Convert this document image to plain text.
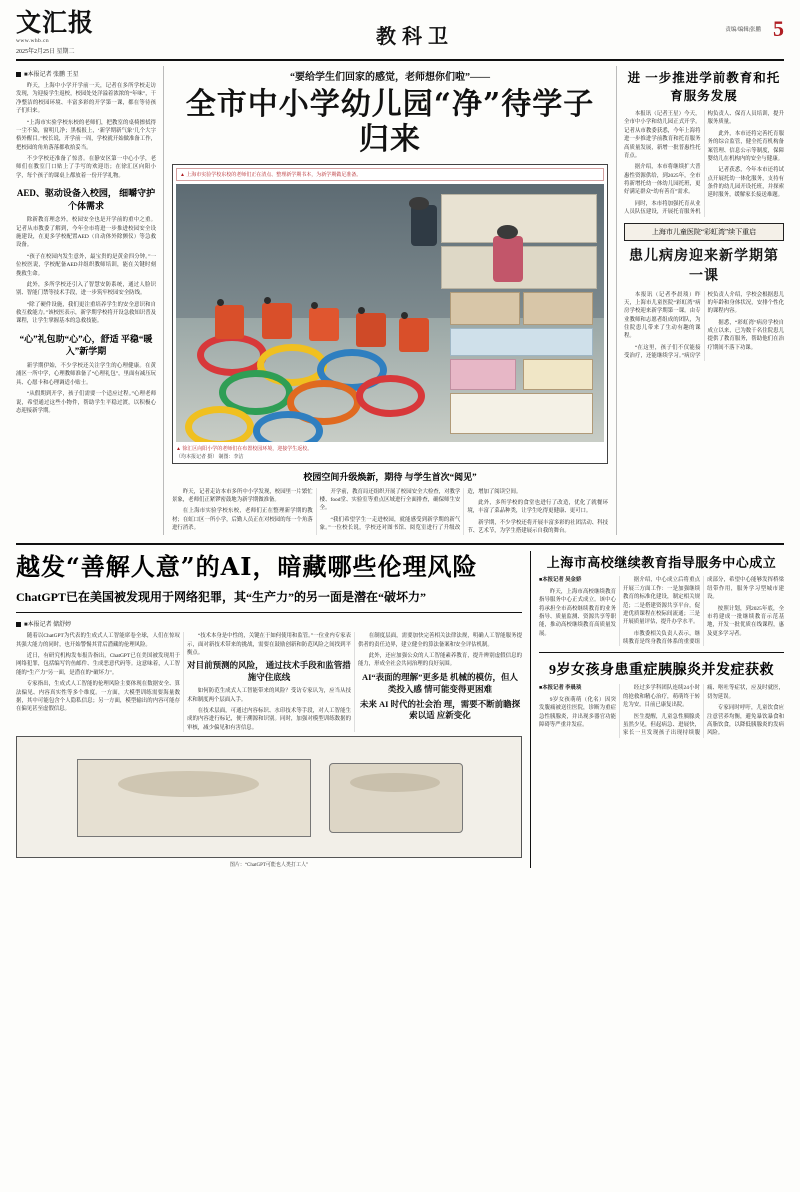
文汇报
www.whb.cn
2025年2月25日 星期二
教科卫	责编/编辑|张鹏 5
■本报记者 张鹏 王星

昨天，上海中小学开学前一天，记者在多所学校走访发现，为迎接学生返校，校园处处洋溢着浓浓的“年味”，干净整洁的校园环境、丰富多彩的开学第一课，都在等待孩子们归来。

“上海市实验学校东校的老师们，把教室的桌椅擦拭得一尘不染，窗明几净；黑板报上，‘新学期新气象’几个大字格外醒目。”校长说，开学前一周，学校就开始做准备工作，把校园的角角落落都收拾妥当。

不少学校还准备了惊喜。在静安区第一中心小学，老师们在教室门口贴上了手写的欢迎语；在徐汇区向阳小学，每个孩子的课桌上都放着一份开学礼物。

AED、驱动设备入校园， 细嚼守护个体需求

除新教育理念外，校园安全也是开学前的重中之重。记者从市教委了解到，今年全市将进一步推进校园安全设施建设，在更多学校配置AED（自动体外除颤仪）等急救设备。

“孩子在校园内发生意外，最宝贵的是黄金四分钟。”一位校医说，学校配备AED并组织教师培训，能在关键时刻挽救生命。

此外，多所学校还引入了智慧安防系统，通过人脸识别、智能门禁等技术手段，进一步筑牢校园安全防线。

“除了硬件设施，我们更注重培养学生的安全意识和自救互救能力。”该校医表示，新学期学校将开设急救知识普及课程，让学生掌握基本的急救技能。

“心”礼包助“心”心，舒适 平稳“暖入”新学期

新学期伊始，不少学校还关注学生的心理健康。在黄浦区一所中学，心理教师准备了“心理礼包”，里面有减压玩具、心愿卡和心理调适小贴士。

“从假期到开学，孩子们需要一个适应过程。”心理老师说，希望通过这些小物件，帮助学生平稳过渡，以积极心态迎接新学期。

“要给学生们回家的感觉，老师想你们啦”——
全市中小学幼儿园“净”待学子归来
▲ 上海市实验学校东校的老师们正在清点、整理新学期书本，为新学期做足准备。
▲ 徐汇区向阳小学的老师们在布置校园环境，迎接学生返校。
（均本报记者 摄） 制图：李洁
校园空间升级焕新，期待 与学生首次“阅见”

昨天，记者走访本市多所中小学发现，校园里一片繁忙景象，老师们正紧锣密鼓地为新学期做准备。

在上海市实验学校东校，老师们正在整理新学期的教材；在虹口区一所小学，后勤人员正在对校园的每一个角落进行消杀。

开学前，教育局还组织开展了校园安全大检查，对教学楼、food堂、实验室等重点区域进行全面排查，确保师生安全。

“我们希望学生一走进校园，就能感受到新学期的新气象。”一位校长说，学校还对图书馆、阅览室进行了升级改造，增加了阅读空间。

此外，多所学校的食堂也进行了改造，优化了就餐环境，丰富了菜品种类，让学生吃得更健康、更可口。

新学期，不少学校还将开展丰富多彩的社团活动、科技节、艺术节，为学生搭建展示自我的舞台。

进 一步推进学前教育和托育服务发展

本报讯（记者王星）今天，全市中小学和幼儿园正式开学。记者从市教委获悉，今年上海将进一步推进学前教育和托育服务高质量发展，新增一批普惠性托育点。

据介绍，本市将继续扩大普惠性资源供给，到2025年，全市将新增托幼一体幼儿园托班，更好满足群众“幼有善育”需求。

同时，本市将加强托育从业人员队伍建设，开展托育服务机构负责人、保育人员培训，提升服务质量。

此外，本市还将完善托育服务的综合监管，健全托育机构备案管理、信息公示等制度，保障婴幼儿在机构内的安全与健康。

记者获悉，今年本市还将试点开展托幼一体化服务，支持有条件的幼儿园开设托班，并探索延时服务，缓解家长接送难题。

上海市儿童医院“彩虹湾”续下重启
患儿病房迎来新学期第一课

本报讯（记者李晨琰）昨天，上海市儿童医院“彩虹湾”病房学校迎来新学期第一课。由专业教师和志愿者组成的团队，为住院患儿带来了生动有趣的课程。

“在这里，孩子们不仅能接受治疗，还能继续学习。”病房学校负责人介绍，学校会根据患儿的年龄和身体状况，安排个性化的课程内容。

据悉，“彩虹湾”病房学校自成立以来，已为数千名住院患儿提供了教育服务，帮助他们在治疗期间不落下功课。

越发“善解人意”的AI，暗藏哪些伦理风险
ChatGPT已在美国被发现用于网络犯罪，其“生产力”的另一面是潜在“破坏力”
■本报记者 储舒婷

随着以ChatGPT为代表的生成式人工智能席卷全球，人们在惊叹其强大能力的同时，也开始警惕其背后潜藏的伦理风险。

近日，有研究机构发布报告指出，ChatGPT已在美国被发现用于网络犯罪，包括编写钓鱼邮件、生成恶意代码等。这意味着，人工智能的“生产力”另一面，是潜在的“破坏力”。

专家指出，生成式人工智能的伦理风险主要体现在数据安全、算法偏见、内容真实性等多个维度。一方面，大模型训练需要海量数据，其中可能包含个人隐私信息；另一方面，模型输出的内容可能存在偏见甚至虚假信息。

“技术本身是中性的，关键在于如何使用和监管。”一位业内专家表示，面对新技术带来的挑战，需要在鼓励创新和防范风险之间找到平衡点。

对目前预测的风险， 通过技术手段和监管措施守住底线

如何防范生成式人工智能带来的风险？受访专家认为，应当从技术和制度两个层面入手。

在技术层面，可通过内容标识、水印技术等手段，对人工智能生成的内容进行标记，便于溯源和识别。同时，加强对模型训练数据的审核，减少偏见和有害信息。

在制度层面，需要加快完善相关法律法规，明确人工智能服务提供者的责任边界，建立健全的算法备案和安全评估机制。

此外，还应加强公众的人工智能素养教育，提升辨别虚假信息的能力，形成全社会共同治理的良好氛围。

AI“表面的理解”更多是 机械的模仿，但人类投入感 情可能变得更困难

未来 AI 时代的社会治 理，需要不断前瞻探索以适 应新变化

图片：“ChatGPT可能也人类打工人”
上海市高校继续教育指导服务中心成立

■本报记者 吴金娇

昨天，上海市高校继续教育指导服务中心正式成立。该中心将承担全市高校继续教育的业务指导、质量监测、资源共享等职能，推动高校继续教育高质量发展。

据介绍，中心成立后将重点开展三方面工作：一是加强继续教育的标准化建设，制定相关规范；二是搭建资源共享平台，促进优质课程在校际间流通；三是开展质量评估，提升办学水平。

市教委相关负责人表示，继续教育是终身教育体系的重要组成部分，希望中心能够发挥桥梁纽带作用，服务学习型城市建设。

按照计划，到2025年底，全市将建成一批继续教育示范基地，开发一批优质在线课程，惠及更多学习者。

9岁女孩身患重症胰腺炎并发症获救

■本报记者 李晨琰

9岁女孩萌萌（化名）因突发腹痛被送往医院，诊断为重症急性胰腺炎，并出现多器官功能障碍等严重并发症。

经过多学科团队连续24小时的抢救和精心治疗，萌萌终于转危为安，目前已康复出院。

医生提醒，儿童急性胰腺炎虽然少见，但起病急、进展快，家长一旦发现孩子出现持续腹痛、呕吐等症状，应及时就医，切勿延误。

专家同时呼吁，儿童饮食应注意营养均衡，避免暴饮暴食和高脂饮食，以降低胰腺炎的发病风险。
